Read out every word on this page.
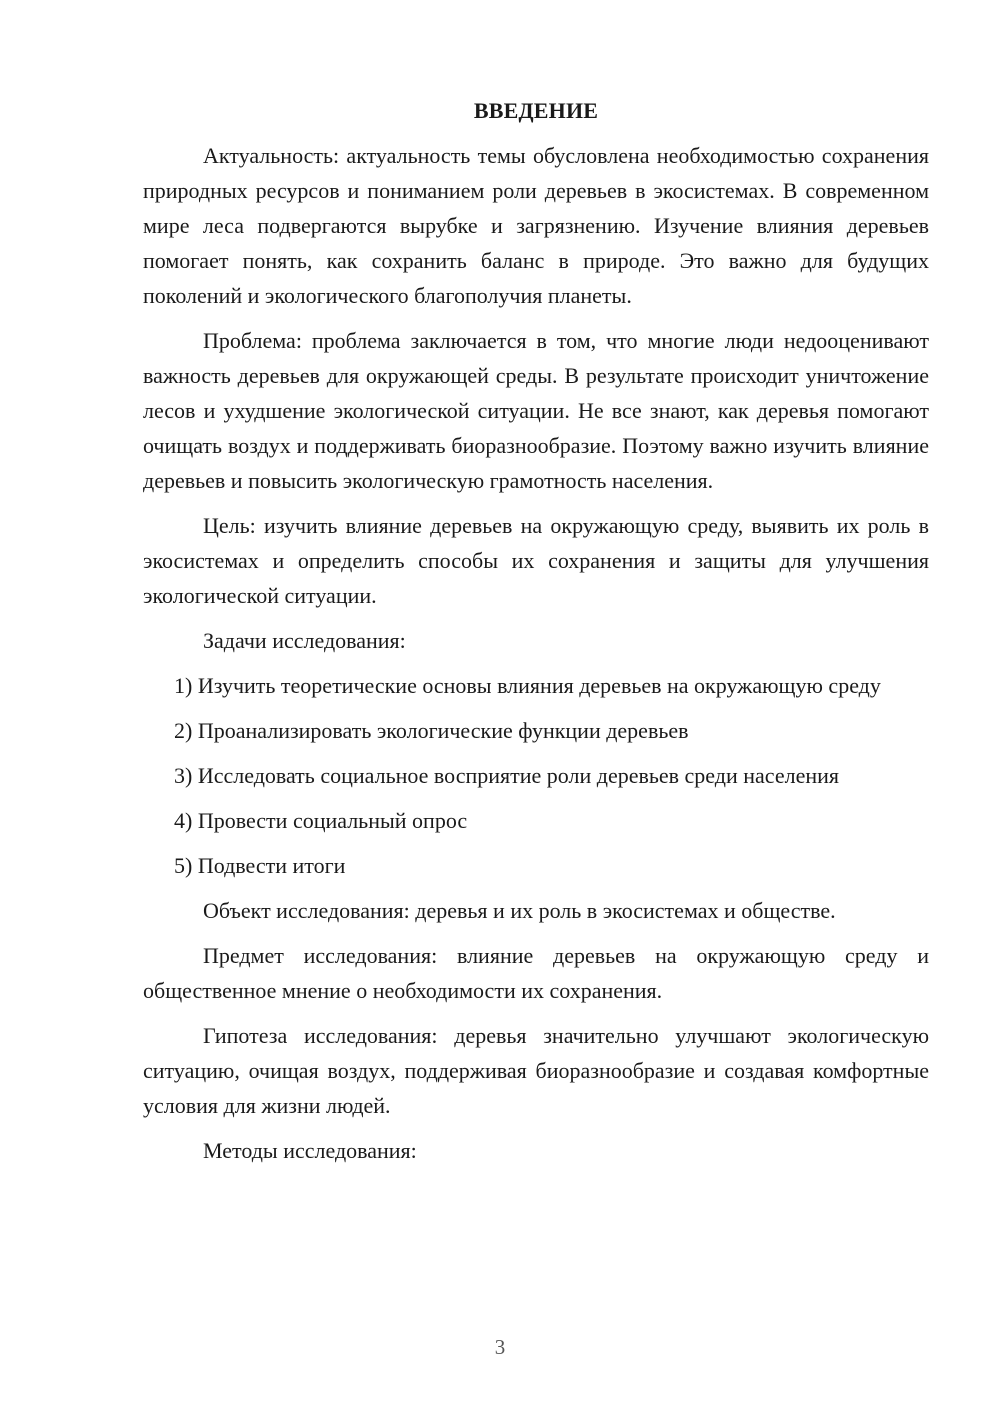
ВВЕДЕНИЕ

Актуальность: актуальность темы обусловлена необходимостью сохранения природных ресурсов и пониманием роли деревьев в экосистемах. В современном мире леса подвергаются вырубке и загрязнению. Изучение влияния деревьев помогает понять, как сохранить баланс в природе. Это важно для будущих поколений и экологического благополучия планеты.

Проблема: проблема заключается в том, что многие люди недооценивают важность деревьев для окружающей среды. В результате происходит уничтожение лесов и ухудшение экологической ситуации. Не все знают, как деревья помогают очищать воздух и поддерживать биоразнообразие. Поэтому важно изучить влияние деревьев и повысить экологическую грамотность населения.

Цель: изучить влияние деревьев на окружающую среду, выявить их роль в экосистемах и определить способы их сохранения и защиты для улучшения экологической ситуации.

Задачи исследования:

1) Изучить теоретические основы влияния деревьев на окружающую среду

2) Проанализировать экологические функции деревьев

3) Исследовать социальное восприятие роли деревьев среди населения

4) Провести социальный опрос

5) Подвести итоги

Объект исследования: деревья и их роль в экосистемах и обществе.

Предмет исследования: влияние деревьев на окружающую среду и общественное мнение о необходимости их сохранения.

Гипотеза исследования: деревья значительно улучшают экологическую ситуацию, очищая воздух, поддерживая биоразнообразие и создавая комфортные условия для жизни людей.

Методы исследования:

3
